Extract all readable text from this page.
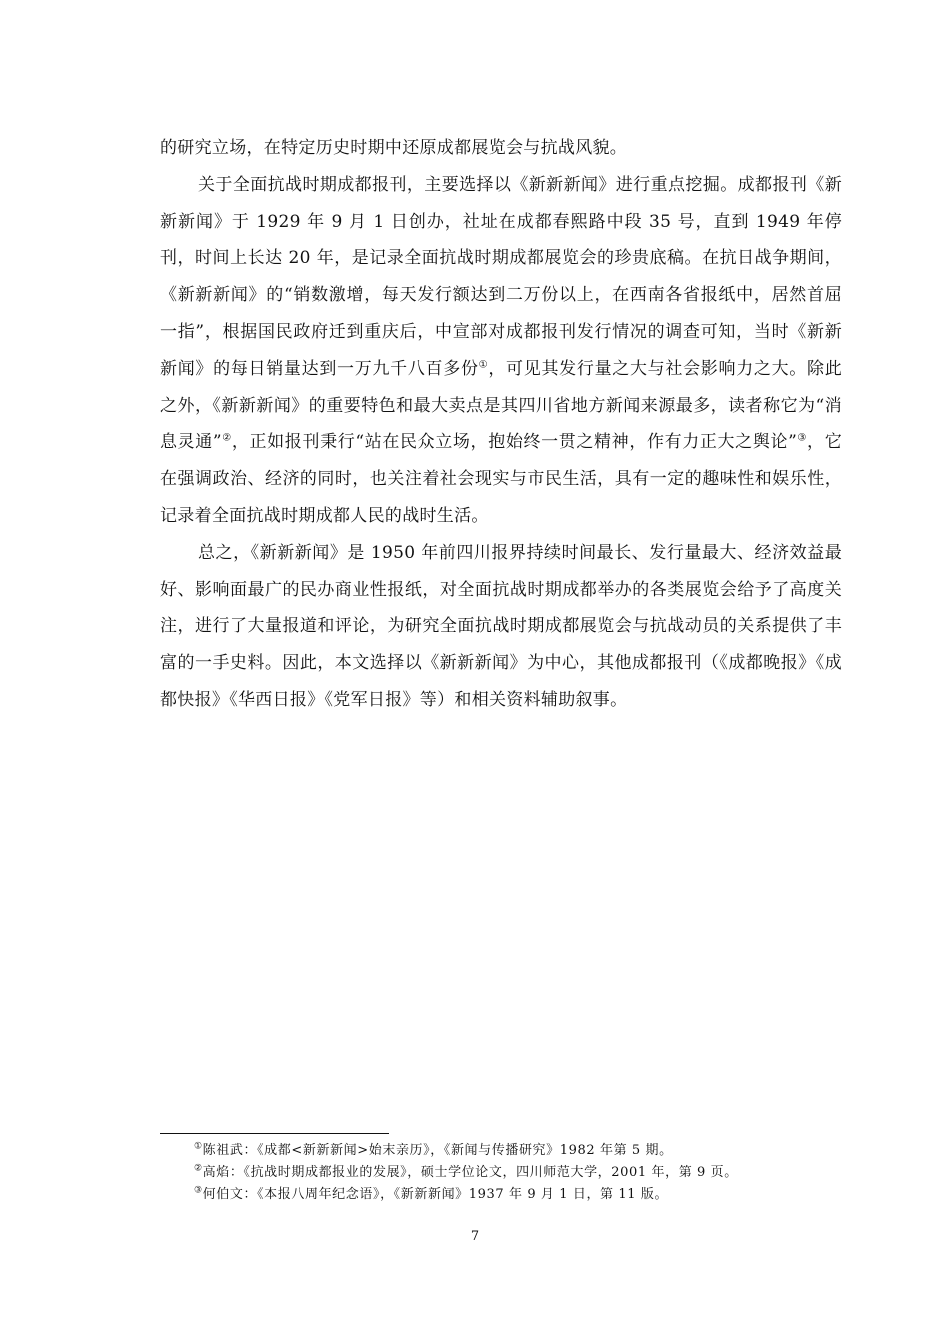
的研究立场，在特定历史时期中还原成都展览会与抗战风貌。

关于全面抗战时期成都报刊，主要选择以《新新新闻》进行重点挖掘。成都报刊《新新新闻》于 1929 年 9 月 1 日创办，社址在成都春熙路中段 35 号，直到 1949 年停刊，时间上长达 20 年，是记录全面抗战时期成都展览会的珍贵底稿。在抗日战争期间，《新新新闻》的“销数激增，每天发行额达到二万份以上，在西南各省报纸中，居然首屈一指”，根据国民政府迁到重庆后，中宣部对成都报刊发行情况的调查可知，当时《新新新闻》的每日销量达到一万九千八百多份①，可见其发行量之大与社会影响力之大。除此之外，《新新新闻》的重要特色和最大卖点是其四川省地方新闻来源最多，读者称它为“消息灵通”②，正如报刊秉行“站在民众立场，抱始终一贯之精神，作有力正大之舆论”③，它在强调政治、经济的同时，也关注着社会现实与市民生活，具有一定的趣味性和娱乐性，记录着全面抗战时期成都人民的战时生活。

总之，《新新新闻》是 1950 年前四川报界持续时间最长、发行量最大、经济效益最好、影响面最广的民办商业性报纸，对全面抗战时期成都举办的各类展览会给予了高度关注，进行了大量报道和评论，为研究全面抗战时期成都展览会与抗战动员的关系提供了丰富的一手史料。因此，本文选择以《新新新闻》为中心，其他成都报刊（《成都晚报》《成都快报》《华西日报》《党军日报》等）和相关资料辅助叙事。

①陈祖武：《成都<新新新闻>始末亲历》，《新闻与传播研究》1982 年第 5 期。

②高焰：《抗战时期成都报业的发展》，硕士学位论文，四川师范大学，2001 年，第 9 页。

③何伯文：《本报八周年纪念语》，《新新新闻》1937 年 9 月 1 日，第 11 版。

7
